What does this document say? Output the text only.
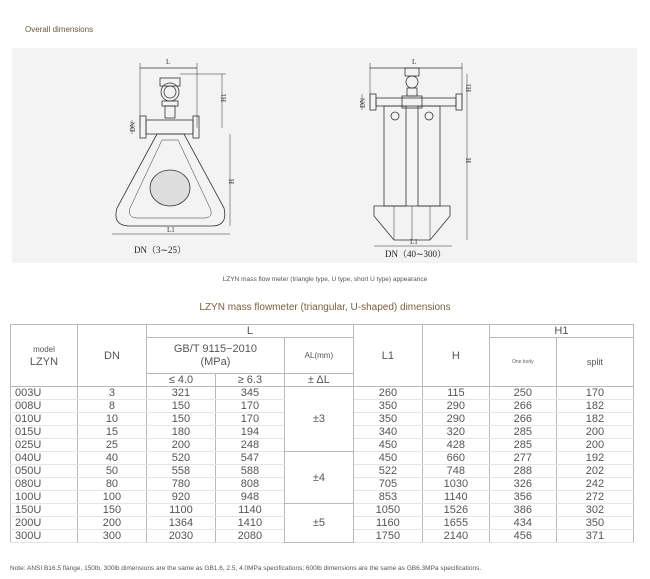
Overall dimensions
L
H1
DN
H
L1
L
H1
DN
H
L1
DN（3∼25）	DN（40∼300）
LZYN mass flow meter (triangle type, U type, short U type) appearance
LZYN mass flowmeter (triangular, U-shaped) dimensions
model
LZYN	DN	L			L1	H	H1	
		GB/T 9115−2010
(MPa)		AL(mm)			One body	split
		≤ 4.0	≥ 6.3	± ΔL				
003U	3	321	345	±3	260	115	250	170
008U	8	150	170		350	290	266	182
010U	10	150	170		350	290	266	182
015U	15	180	194		340	320	285	200
025U	25	200	248		450	428	285	200
040U	40	520	547	±4	450	660	277	192
050U	50	558	588		522	748	288	202
080U	80	780	808		705	1030	326	242
100U	100	920	948		853	1140	356	272
150U	150	1100	1140	±5	1050	1526	386	302
200U	200	1364	1410		1160	1655	434	350
300U	300	2030	2080		1750	2140	456	371
Note: ANSI B16.5 flange, 150lb, 300lb dimensions are the same as GB1.6, 2.5, 4.0MPa specifications; 600lb dimensions are the same as GB6.3MPa specifications.
